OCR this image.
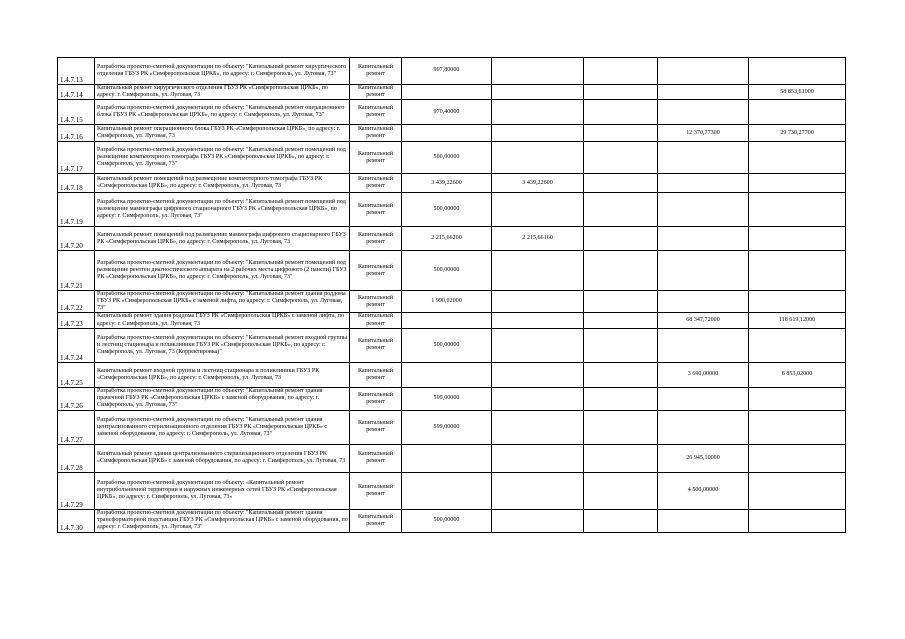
1.4.7.13	Разработка проектно-сметной документации по объекту: "Капитальный ремонт хирургического отделения ГБУЗ РК «Симферопольская ЦРКБ», по адресу: г. Симферополь, ул. Луговая, 73"	Капитальный ремонт	997,80000				
1.4.7.14	Капитальный ремонт хирургического отделения ГБУЗ РК «Симферопольская ЦРКБ», по адресу: г. Симферополь, ул. Луговая, 73	Капитальный ремонт					58 853,61000
1.4.7.15	Разработка проектно-сметной документации по объекту: "Капитальный ремонт операционного блока ГБУЗ РК «Симферопольская ЦРКБ», по адресу: г. Симферополь, ул. Луговая, 73"	Капитальный ремонт	970,40000				
1.4.7.16	Капитальный ремонт операционного блока ГБУЗ РК «Симферопольская ЦРКБ», по адресу: г. Симферополь, ул. Луговая, 73	Капитальный ремонт				12 370,77300	29 730,27700
1.4.7.17	Разработка проектно-сметной документации по объекту: "Капитальный ремонт помещений под размещение компьютерного томографа ГБУЗ РК «Симферопольская ЦРКБ», по адресу: г. Симферополь, ул. Луговая, 73"	Капитальный ремонт	500,00000				
1.4.7.18	Капитальный ремонт помещений под размещение компьютерного томографа ГБУЗ РК «Симферопольская ЦРКБ», по адресу: г. Симферополь, ул. Луговая, 73	Капитальный ремонт	3 439,22600	3 439,22600			
1.4.7.19	Разработка проектно-сметной документации по объекту: "Капитальный ремонт помещений под размещение маммографа цифрового стационарного ГБУЗ РК «Симферопольская ЦРКБ», по адресу: г. Симферополь, ул. Луговая, 73"	Капитальный ремонт	500,00000				
1.4.7.20	Капитальный ремонт помещений под размещение маммографа цифрового стационарного ГБУЗ РК «Симферопольская ЦРКБ», по адресу: г. Симферополь, ул. Луговая, 73	Капитальный ремонт	2 215,66200	2 215,66160			
1.4.7.21	Разработка проектно-сметной документации по объекту: "Капитальный ремонт помещений под размещение рентген диагностического аппарата на 2 рабочих места цифрового (2 панели) ГБУЗ РК «Симферопольская ЦРКБ», по адресу: г. Симферополь, ул. Луговая, 73"	Капитальный ремонт	500,00000				
1.4.7.22	Разработка проектно-сметной документации по объекту: "Капитальный ремонт здания роддома ГБУЗ РК «Симферопольская ЦРКБ» с заменой лифта, по адресу: г. Симферополь, ул. Луговая, 73"	Капитальный ремонт	1 990,02000				
1.4.7.23	Капитальный ремонт здания роддома ГБУЗ РК «Симферопольская ЦРКБ» с заменой лифта, по адресу: г. Симферополь, ул. Луговая, 73	Капитальный ремонт				68 347,72000	118 619,12000
1.4.7.24	Разработка проектно-сметной документации по объекту: "Капитальный ремонт входной группы и лестниц стационара и поликлиники ГБУЗ РК «Симферопольская ЦРКБ», по адресу: г. Симферополь, ул. Луговая, 73 (Корректировка)"	Капитальный ремонт	500,00000				
1.4.7.25	Капитальный ремонт входной группы и лестниц стационара и поликлиники ГБУЗ РК «Симферопольская ЦРКБ», по адресу: г. Симферополь, ул. Луговая, 73	Капитальный ремонт				3 690,00000	8 853,02000
1.4.7.26	Разработка проектно-сметной документации по объекту: "Капитальный ремонт здания прачечной ГБУЗ РК «Симферопольская ЦРКБ» с заменой оборудования, по адресу: г. Симферополь, ул. Луговая, 73"	Капитальный ремонт	599,00000				
1.4.7.27	Разработка проектно-сметной документации по объекту: "Капитальный ремонт здания централизованного стерилизационного отделения ГБУЗ РК «Симферопольская ЦРКБ» с заменой оборудования, по адресу: г. Симферополь, ул. Луговая, 73"	Капитальный ремонт	599,00000				
1.4.7.28	Капитальный ремонт здания централизованного стерилизационного отделения ГБУЗ РК «Симферопольская ЦРКБ» с заменой оборудования, по адресу: г. Симферополь, ул. Луговая, 73	Капитальный ремонт				26 945,10000	
1.4.7.29	Разработка проектно-сметной документации по объекту: «Капитальный ремонт внутрибольничной территории и наружных инженерных сетей ГБУЗ РК «Симферопольская ЦРКБ», по адресу: г. Симферополь, ул. Луговая, 73»	Капитальный ремонт				4 500,00000	
1.4.7.30	Разработка проектно-сметной документации по объекту: "Капитальный ремонт здания трансформаторной подстанции ГБУЗ РК «Симферопольская ЦРКБ» с заменой оборудования, по адресу: г. Симферополь, ул. Луговая, 73"	Капитальный ремонт	500,00000				
